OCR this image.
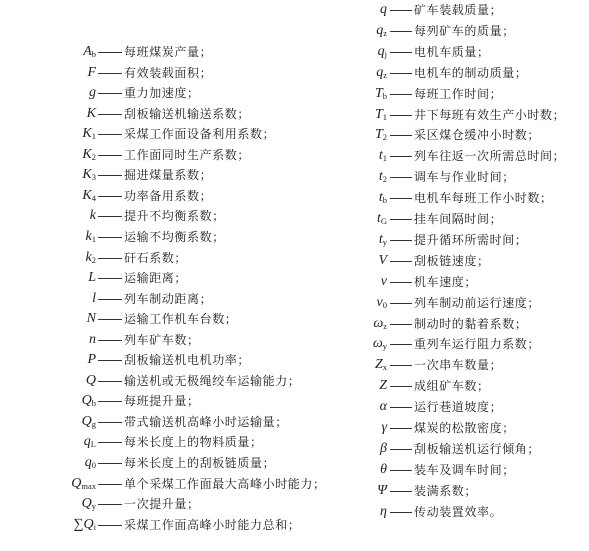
$A_b$ 每班煤炭产量；
F 有效装载面积；
g 重力加速度；
K 刮板输送机输送系数；
$K_1$ 采煤工作面设备利用系数；
$K_2$ 工作面同时生产系数；
$K_3$ 掘进煤量系数；
$K_4$ 功率备用系数；
k 提升不均衡系数；
$k_1$ 运输不均衡系数；
$k_2$ 矸石系数；
L 运输距离；
l 列车制动距离；
N 运输工作机车台数；
n 列车矿车数；
P 刮板输送机电机功率；
Q 输送机或无极绳绞车运输能力；
$Q_b$ 每班提升量；
$Q_g$ 带式输送机高峰小时运输量；
$q_L$ 每米长度上的物料质量；
$q_0$ 每米长度上的刮板链质量；
$Q_{max}$ 单个采煤工作面最大高峰小时能力；
$Q_y$ 一次提升量；
$\sum Q_i$ 采煤工作面高峰小时能力总和；
q 矿车装载质量；
$q_z$ 每列矿车的质量；
$q_j$ 电机车质量；
$q_z$ 电机车的制动质量；
$T_b$ 每班工作时间；
$T_1$ 井下每班有效生产小时数；
$T_2$ 采区煤仓缓冲小时数；
$t_1$ 列车往返一次所需总时间；
$t_2$ 调车与作业时间；
$t_b$ 电机车每班工作小时数；
$t_G$ 挂车间隔时间；
$t_y$ 提升循环所需时间；
V 刮板链速度；
v 机车速度；
$v_0$ 列车制动前运行速度；
$\omega_z$ 制动时的黏着系数；
$\omega_y$ 重列车运行阻力系数；
$Z_x$ 一次串车数量；
Z 成组矿车数；
α 运行巷道坡度；
γ 煤炭的松散密度；
β 刮板输送机运行倾角；
θ 装车及调车时间；
Ψ 装满系数；
η 传动装置效率。
